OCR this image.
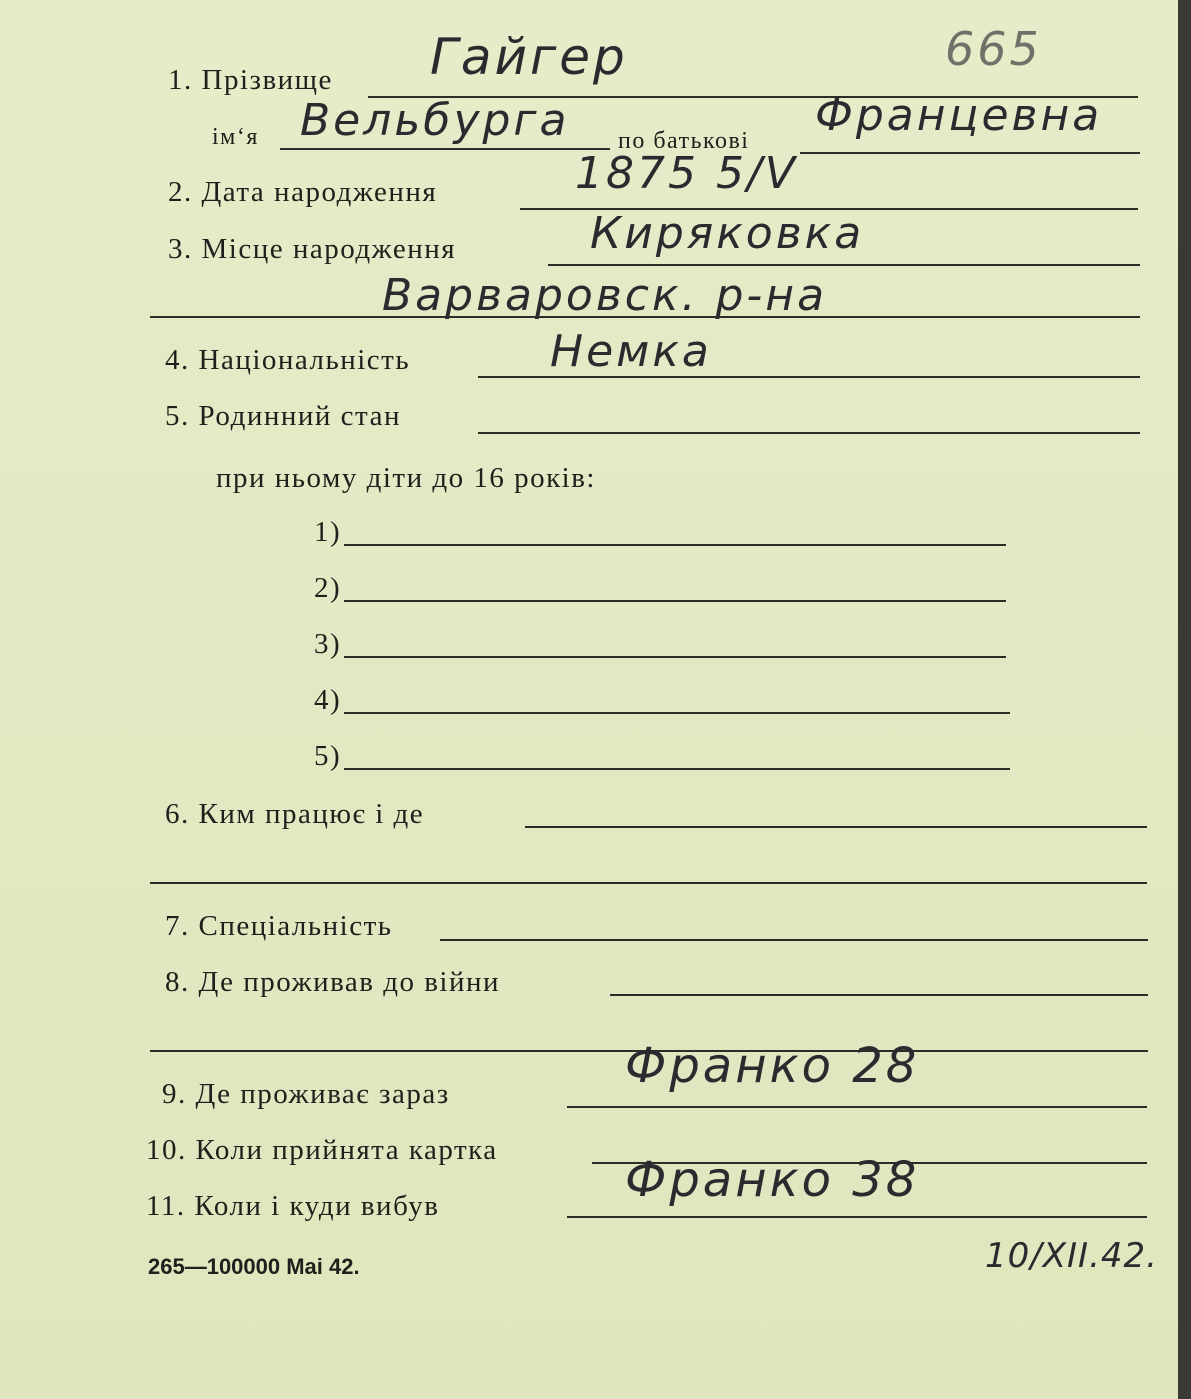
665
1. Прізвище Гайгер
ім‘я Вельбурга по батькові Францевна
2. Дата народження	1875 5/V
3. Місце народження	Киряковка
Варваровск. р-на
4. Національність	Немка
5. Родинний стан
при ньому діти до 16 років:
1)
2)
3)
4)
5)
6. Ким працює і де
7. Спеціальність
8. Де проживав до війни
9. Де проживає зараз	Франко 28
10. Коли прийнята картка
11. Коли і куди вибув	Франко 38
265—100000 Mai 42.	10/XII.42.
